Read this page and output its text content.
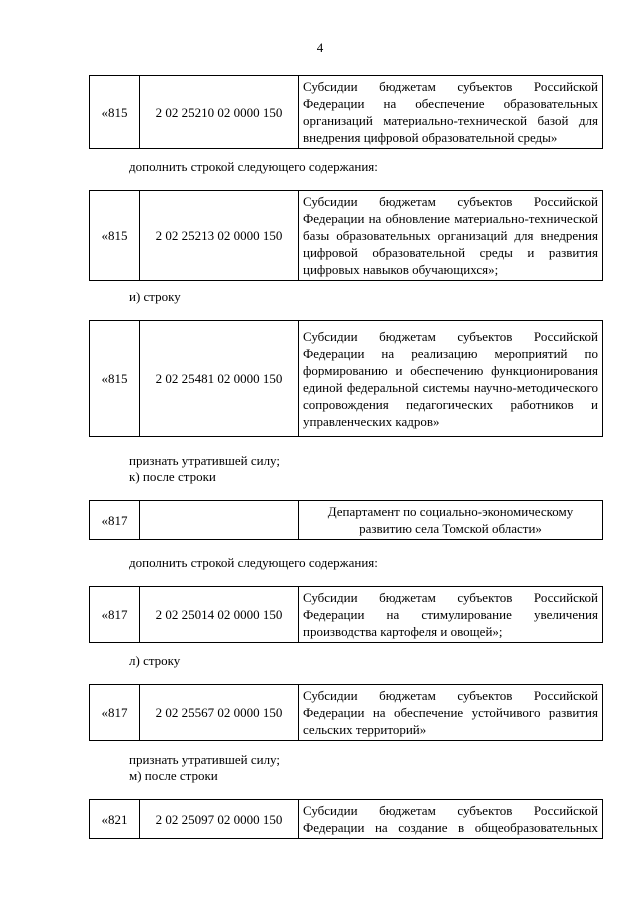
4
«815	2 02 25210 02 0000 150	Субсидии бюджетам субъектов Российской Федерации на обеспечение образовательных организаций материально-технической базой для внедрения цифровой образовательной среды»
дополнить строкой следующего содержания:
«815	2 02 25213 02 0000 150	Субсидии бюджетам субъектов Российской Федерации на обновление материально-технической базы образовательных организаций для внедрения цифровой образовательной среды и развития цифровых навыков обучающихся»;
и) строку
«815	2 02 25481 02 0000 150	Субсидии бюджетам субъектов Российской Федерации на реализацию мероприятий по формированию и обеспечению функционирования единой федеральной системы научно-методического сопровождения педагогических работников и управленческих кадров»
признать утратившей силу;
к) после строки
«817		Департамент по социально-экономическому развитию села Томской области»
дополнить строкой следующего содержания:
«817	2 02 25014 02 0000 150	Субсидии бюджетам субъектов Российской Федерации на стимулирование увеличения производства картофеля и овощей»;
л) строку
«817	2 02 25567 02 0000 150	Субсидии бюджетам субъектов Российской Федерации на обеспечение устойчивого развития сельских территорий»
признать утратившей силу;
м) после строки
«821	2 02 25097 02 0000 150	Субсидии бюджетам субъектов Российской Федерации на создание в общеобразовательных
